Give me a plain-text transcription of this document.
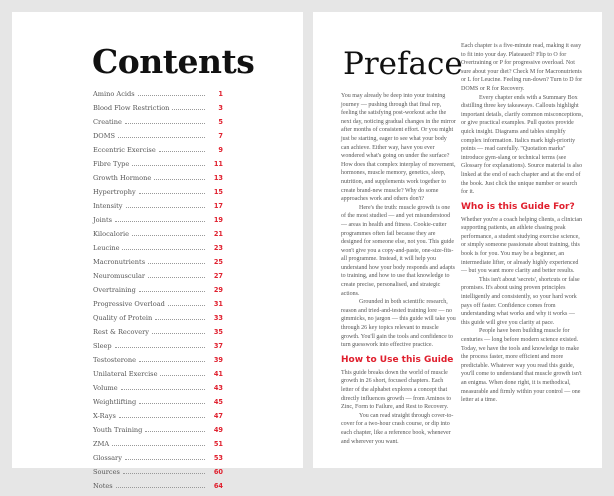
Contents
Amino Acids	1
Blood Flow Restriction	3
Creatine	5
DOMS	7
Eccentric Exercise	9
Fibre Type	11
Growth Hormone	13
Hypertrophy	15
Intensity	17
Joints	19
Kilocalorie	21
Leucine	23
Macronutrients	25
Neuromuscular	27
Overtraining	29
Progressive Overload	31
Quality of Protein	33
Rest & Recovery	35
Sleep	37
Testosterone	39
Unilateral Exercise	41
Volume	43
Weightlifting	45
X-Rays	47
Youth Training	49
ZMA	51
Glossary	53
Sources	60
Notes	64
Preface

You may already be deep into your training journey — pushing through that final rep, feeling the satisfying post-workout ache the next day, noticing gradual changes in the mirror after months of consistent effort. Or you might just be starting, eager to see what your body can achieve. Either way, have you ever wondered what's going on under the surface? How does that complex interplay of movement, hormones, muscle memory, genetics, sleep, nutrition, and supplements work together to create brand-new muscle? Why do some approaches work and others don't?

Here's the truth: muscle growth is one of the most studied — and yet misunderstood — areas in health and fitness. Cookie-cutter programmes often fail because they are designed for someone else, not you. This guide won't give you a copy-and-paste, one-size-fits-all programme. Instead, it will help you understand how your body responds and adapts to training, and how to use that knowledge to create precise, personalised, and strategic actions.

Grounded in both scientific research, reason and tried-and-tested training lore — no gimmicks, no jargon — this guide will take you through 26 key topics relevant to muscle growth. You'll gain the tools and confidence to turn guesswork into effective practice.

How to Use this Guide

This guide breaks down the world of muscle growth in 26 short, focused chapters. Each letter of the alphabet explores a concept that directly influences growth — from Aminos to Zinc, Form to Failure, and Rest to Recovery.

You can read straight through cover-to-cover for a two-hour crash course, or dip into each chapter, like a reference book, whenever and wherever you want.

Each chapter is a five-minute read, making it easy to fit into your day. Plateaued? Flip to O for Overtraining or P for progressive overload. Not sure about your diet? Check M for Macronutrients or L for Leucine. Feeling run-down? Turn to D for DOMS or R for Recovery.

Every chapter ends with a Summary Box distilling three key takeaways. Callouts highlight important details, clarify common misconceptions, or give practical examples. Pull quotes provide quick insight. Diagrams and tables simplify complex information. Italics mark high-priority points — read carefully. "Quotation marks" introduce gym-slang or technical terms (see Glossary for explanations). Source material is also linked at the end of each chapter and at the end of the book. Just click the unique number or search for it.

Who is this Guide For?

Whether you're a coach helping clients, a clinician supporting patients, an athlete chasing peak performance, a student studying exercise science, or simply someone passionate about training, this book is for you. You may be a beginner, an intermediate lifter, or already highly experienced — but you want more clarity and better results.

This isn't about 'secrets', shortcuts or false promises. It's about using proven principles intelligently and consistently, so your hard work pays off faster. Confidence comes from understanding what works and why it works — this guide will give you clarity at pace.

People have been building muscle for centuries — long before modern science existed. Today, we have the tools and knowledge to make the process faster, more efficient and more predictable. Whatever way you read this guide, you'll come to understand that muscle growth isn't an enigma. When done right, it is methodical, measurable and firmly within your control — one letter at a time.
